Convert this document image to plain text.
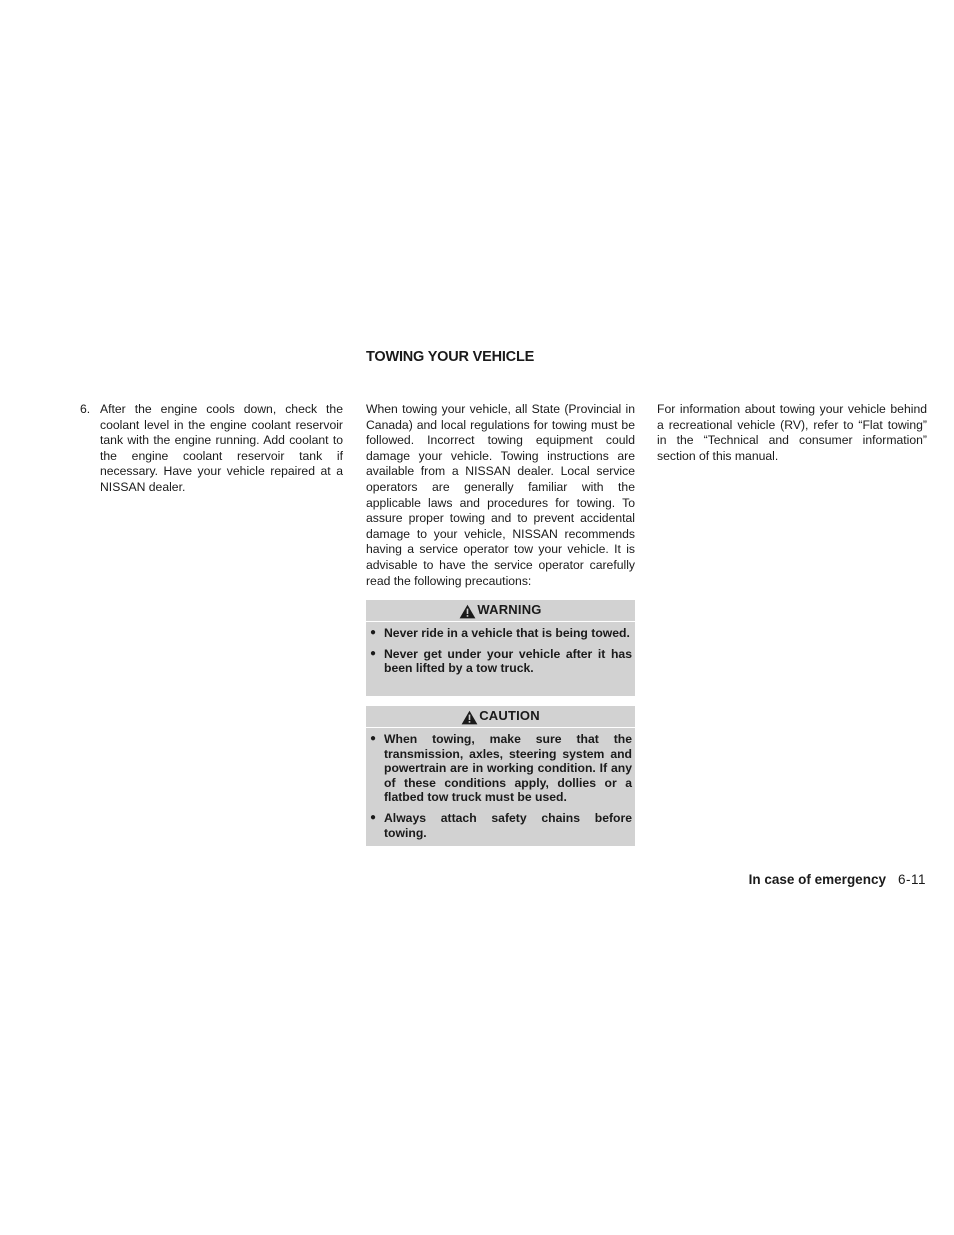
TOWING YOUR VEHICLE
6. After the engine cools down, check the coolant level in the engine coolant reservoir tank with the engine running. Add coolant to the engine coolant reservoir tank if necessary. Have your vehicle repaired at a NISSAN dealer.

When towing your vehicle, all State (Provincial in Canada) and local regulations for towing must be followed. Incorrect towing equipment could damage your vehicle. Towing instructions are available from a NISSAN dealer. Local service operators are generally familiar with the applicable laws and procedures for towing. To assure proper towing and to prevent accidental damage to your vehicle, NISSAN recommends having a service operator tow your vehicle. It is advisable to have the service operator carefully read the following precautions:

WARNING
● Never ride in a vehicle that is being towed.
● Never get under your vehicle after it has been lifted by a tow truck.
CAUTION
● When towing, make sure that the transmission, axles, steering system and powertrain are in working condition. If any of these conditions apply, dollies or a flatbed tow truck must be used.
● Always attach safety chains before towing.

For information about towing your vehicle behind a recreational vehicle (RV), refer to “Flat towing” in the “Technical and consumer information” section of this manual.

In case of emergency 6-11
